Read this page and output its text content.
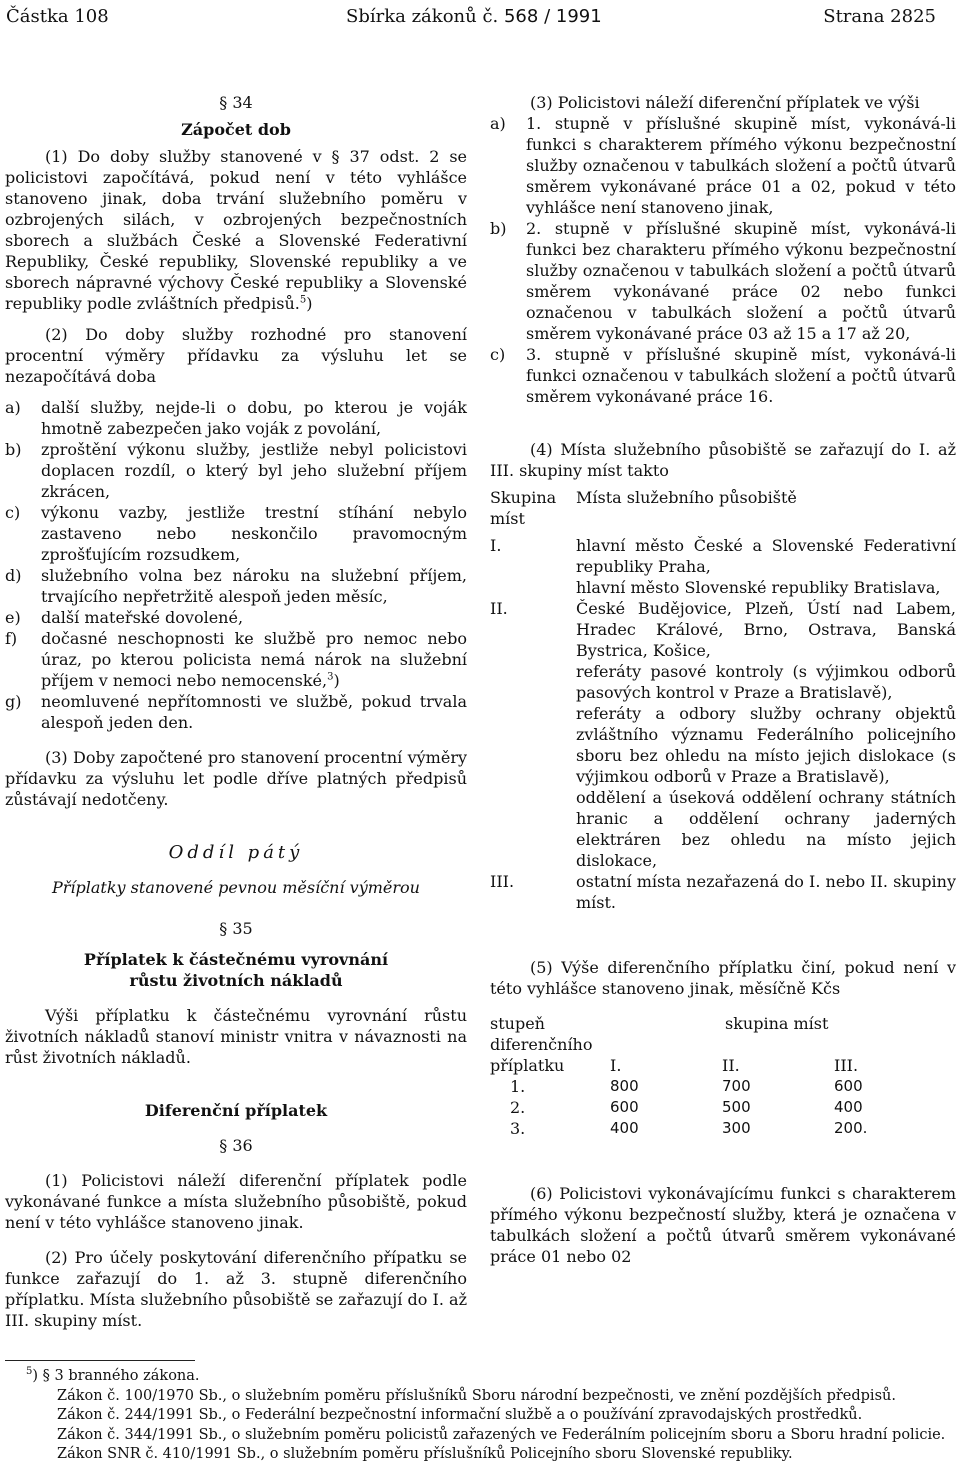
Částka 108	Sbírka zákonů č. 568 / 1991	Strana 2825

§ 34

Zápočet dob

(1) Do doby služby stanovené v § 37 odst. 2 se policistovi započítává, pokud není v této vyhlášce stanoveno jinak, doba trvání služebního poměru v ozbrojených silách, v ozbrojených bezpečnostních sborech a službách České a Slovenské Federativní Republiky, České republiky, Slovenské republiky a ve sborech nápravné výchovy České republiky a Slovenské republiky podle zvláštních předpisů.$^5$)

(2) Do doby služby rozhodné pro stanovení procentní výměry přídavku za výsluhu let se nezapočítává doba

a)	další služby, nejde-li o dobu, po kterou je voják hmotně zabezpečen jako voják z povolání,
b)	zproštění výkonu služby, jestliže nebyl policistovi doplacen rozdíl, o který byl jeho služební příjem zkrácen,
c)	výkonu vazby, jestliže trestní stíhání nebylo zastaveno nebo neskončilo pravomocným zprošťujícím rozsudkem,
d)	služebního volna bez nároku na služební příjem, trvajícího nepřetržitě alespoň jeden měsíc,
e)	další mateřské dovolené,
f)	dočasné neschopnosti ke službě pro nemoc nebo úraz, po kterou policista nemá nárok na služební příjem v nemoci nebo nemocenské,$^3$)
g)	neomluvené nepřítomnosti ve službě, pokud trvala alespoň jeden den.

(3) Doby započtené pro stanovení procentní výměry přídavku za výsluhu let podle dříve platných předpisů zůstávají nedotčeny.

Oddíl pátý

Příplatky stanovené pevnou měsíční výměrou

§ 35

Příplatek k částečnému vyrovnání růstu životních nákladů

Výši příplatku k částečnému vyrovnání růstu životních nákladů stanoví ministr vnitra v návaznosti na růst životních nákladů.

Diferenční příplatek

§ 36

(1) Policistovi náleží diferenční příplatek podle vykonávané funkce a místa služebního působiště, pokud není v této vyhlášce stanoveno jinak.

(2) Pro účely poskytování diferenčního přípatku se funkce zařazují do 1. až 3. stupně diferenčního příplatku. Místa služebního působiště se zařazují do I. až III. skupiny míst.

(3) Policistovi náleží diferenční příplatek ve výši

a)	1. stupně v příslušné skupině míst, vykonává-li funkci s charakterem přímého výkonu bezpečnostní služby označenou v tabulkách složení a počtů útvarů směrem vykonávané práce 01 a 02, pokud v této vyhlášce není stanoveno jinak,
b)	2. stupně v příslušné skupině míst, vykonává-li funkci bez charakteru přímého výkonu bezpečnostní služby označenou v tabulkách složení a počtů útvarů směrem vykonávané práce 02 nebo funkci označenou v tabulkách složení a počtů útvarů směrem vykonávané práce 03 až 15 a 17 až 20,
c)	3. stupně v příslušné skupině míst, vykonává-li funkci označenou v tabulkách složení a počtů útvarů směrem vykonávané práce 16.

(4) Místa služebního působiště se zařazují do I. až III. skupiny míst takto

Skupina míst
Místa služebního působiště
I.	hlavní město České a Slovenské Federativní republiky Praha,

hlavní město Slovenské republiky Bratislava,

II.	České Budějovice, Plzeň, Ústí nad Labem, Hradec Králové, Brno, Ostrava, Banská Bystrica, Košice,

referáty pasové kontroly (s výjimkou odborů pasových kontrol v Praze a Bratislavě),

referáty a odbory služby ochrany objektů zvláštního významu Federálního policejního sboru bez ohledu na místo jejich dislokace (s výjimkou odborů v Praze a Bratislavě),

oddělení a úseková oddělení ochrany státních hranic a oddělení ochrany jaderných elektráren bez ohledu na místo jejich dislokace,

III.	ostatní místa nezařazená do I. nebo II. skupiny míst.

(5) Výše diferenčního příplatku činí, pokud není v této vyhlášce stanoveno jinak, měsíčně Kčs

stupeň
diferenčního	skupina míst		
příplatku	I.	II.	III.
1.	800	700	600
2.	600	500	400
3.	400	300	200.

(6) Policistovi vykonávajícímu funkci s charakterem přímého výkonu bezpečností služby, která je označena v tabulkách složení a počtů útvarů směrem vykonávané práce 01 nebo 02

$^5$) § 3 branného zákona.
Zákon č. 100/1970 Sb., o služebním poměru příslušníků Sboru národní bezpečnosti, ve znění pozdějších předpisů.
Zákon č. 244/1991 Sb., o Federální bezpečnostní informační službě a o používání zpravodajských prostředků.
Zákon č. 344/1991 Sb., o služebním poměru policistů zařazených ve Federálním policejním sboru a Sboru hradní policie.
Zákon SNR č. 410/1991 Sb., o služebním poměru příslušníků Policejního sboru Slovenské republiky.
